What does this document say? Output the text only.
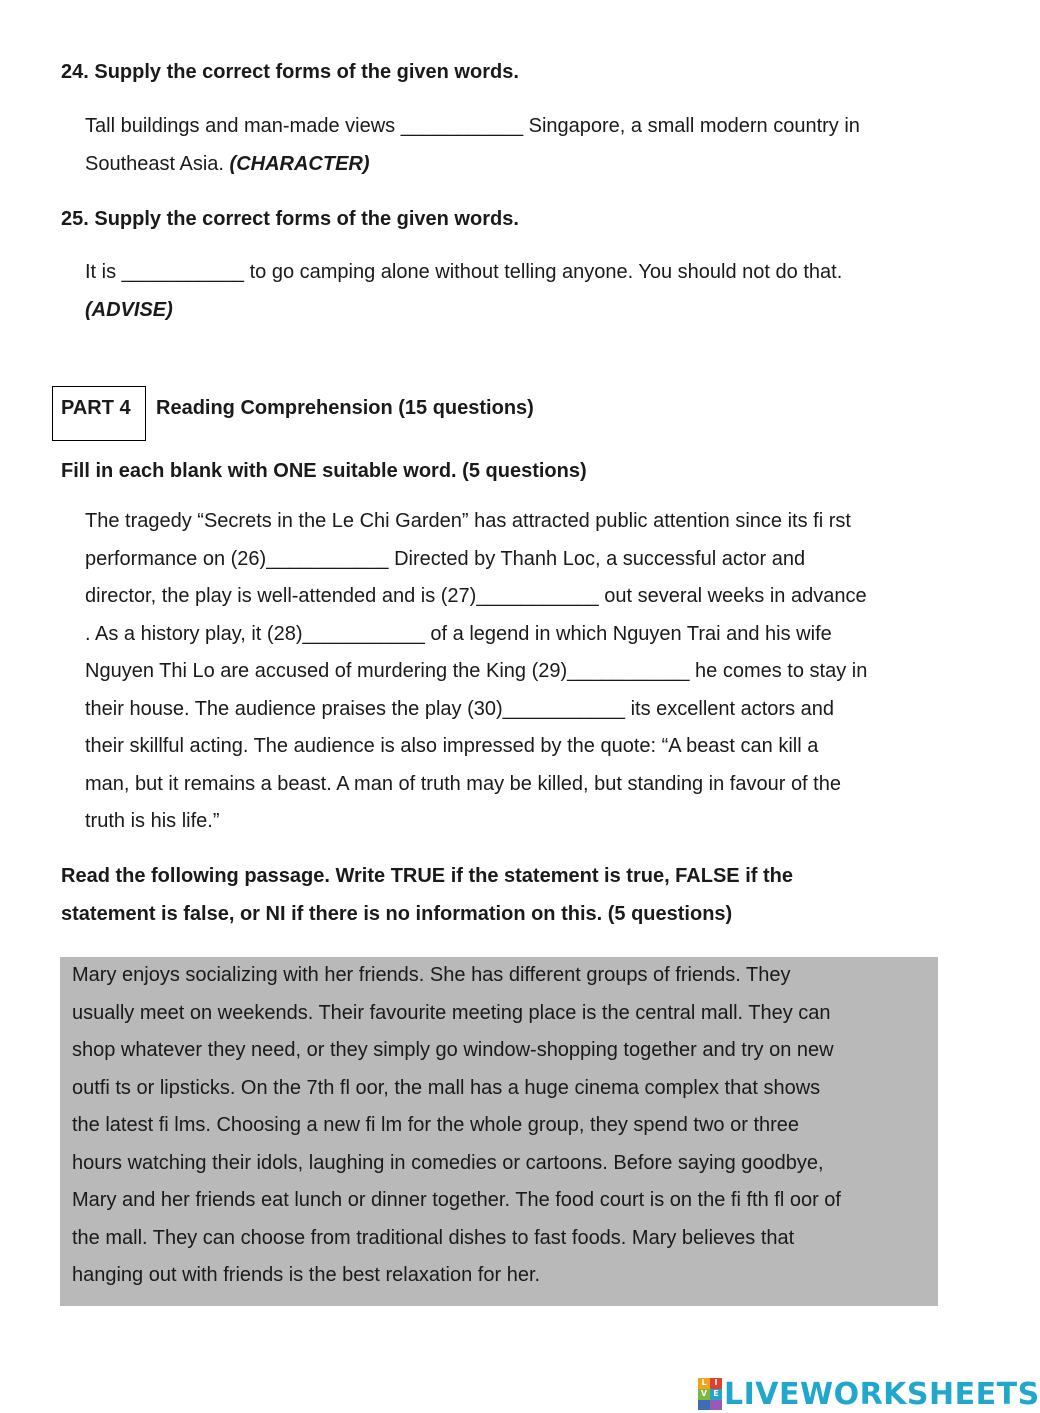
24. Supply the correct forms of the given words.
Tall buildings and man-made views ___________ Singapore, a small modern country in
Southeast Asia. (CHARACTER)
25. Supply the correct forms of the given words.
It is ___________ to go camping alone without telling anyone. You should not do that.
(ADVISE)
PART 4 Reading Comprehension (15 questions)
Fill in each blank with ONE suitable word. (5 questions)
The tragedy “Secrets in the Le Chi Garden” has attracted public attention since its fi rst
performance on (26)___________ Directed by Thanh Loc, a successful actor and
director, the play is well-attended and is (27)___________ out several weeks in advance
. As a history play, it (28)___________ of a legend in which Nguyen Trai and his wife
Nguyen Thi Lo are accused of murdering the King (29)___________ he comes to stay in
their house. The audience praises the play (30)___________ its excellent actors and
their skillful acting. The audience is also impressed by the quote: “A beast can kill a
man, but it remains a beast. A man of truth may be killed, but standing in favour of the
truth is his life.”
Read the following passage. Write TRUE if the statement is true, FALSE if the
statement is false, or NI if there is no information on this. (5 questions)
Mary enjoys socializing with her friends. She has different groups of friends. They
usually meet on weekends. Their favourite meeting place is the central mall. They can
shop whatever they need, or they simply go window-shopping together and try on new
outfi ts or lipsticks. On the 7th fl oor, the mall has a huge cinema complex that shows
the latest fi lms. Choosing a new fi lm for the whole group, they spend two or three
hours watching their idols, laughing in comedies or cartoons. Before saying goodbye,
Mary and her friends eat lunch or dinner together. The food court is on the fi fth fl oor of
the mall. They can choose from traditional dishes to fast foods. Mary believes that
hanging out with friends is the best relaxation for her.
L I
V E LIVEWORKSHEETS
